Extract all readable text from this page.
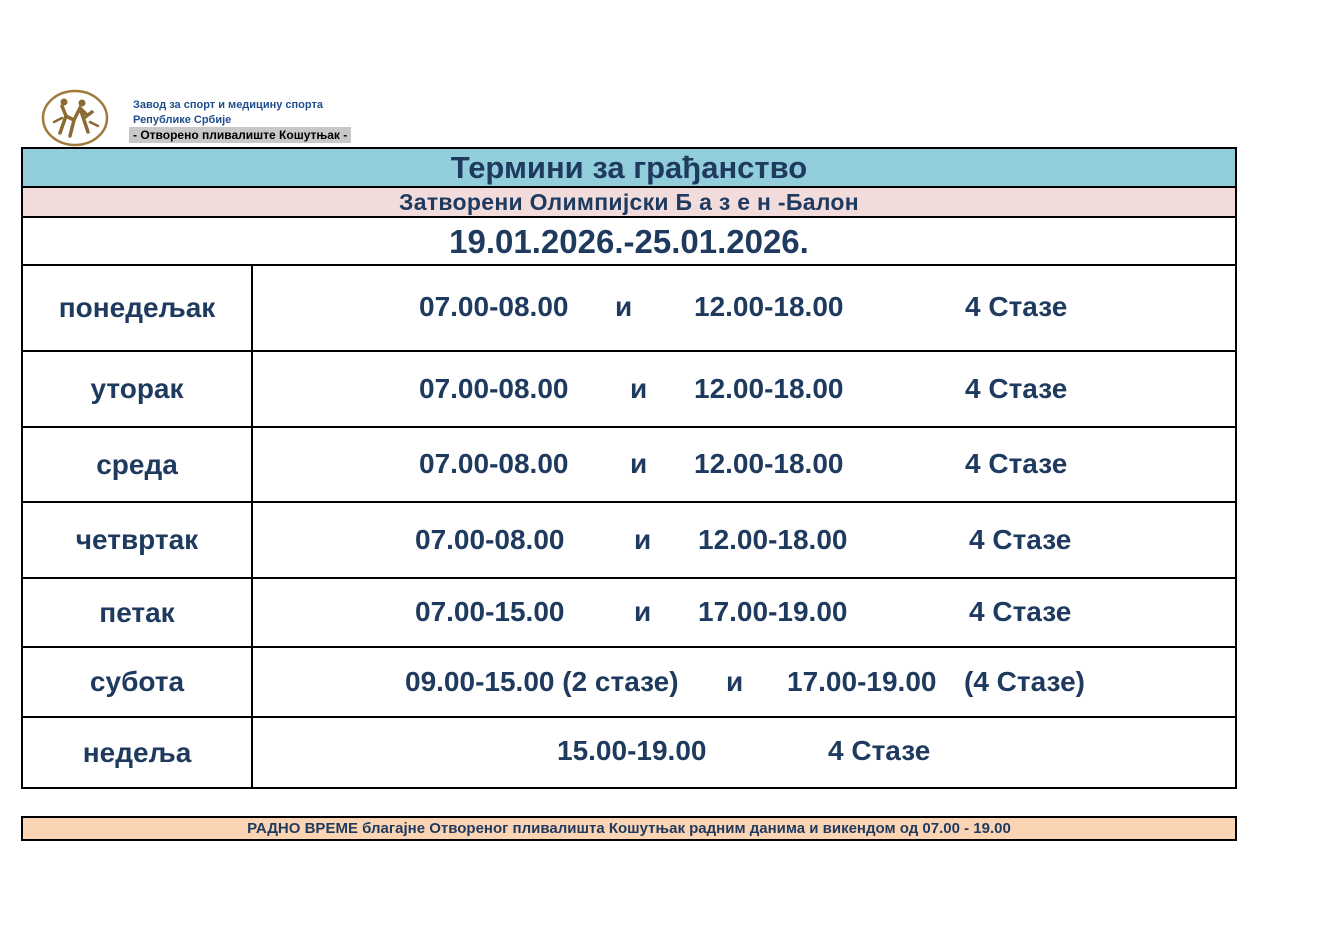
Завод за спорт и медицину спорта
Републике Србије
- Отворено пливалиште Кошутњак -
Термини за грађанство
Затворени Олимпијски Б а з е н -Балон
19.01.2026.-25.01.2026.
понедељак	07.00-08.00 и 12.00-18.00	4 Стазе
уторак	07.00-08.00 и 12.00-18.00	4 Стазе
среда	07.00-08.00 и 12.00-18.00	4 Стазе
четвртак	07.00-08.00 и 12.00-18.00	4 Стазе
петак	07.00-15.00 и 17.00-19.00	4 Стазе
субота	09.00-15.00 (2 стазе) и 17.00-19.00 (4 Стазе)
недеља	15.00-19.00	4 Стазе
РАДНО ВРЕМЕ благајне Отвореног пливалишта Кошутњак радним данима и викендом од 07.00 - 19.00
